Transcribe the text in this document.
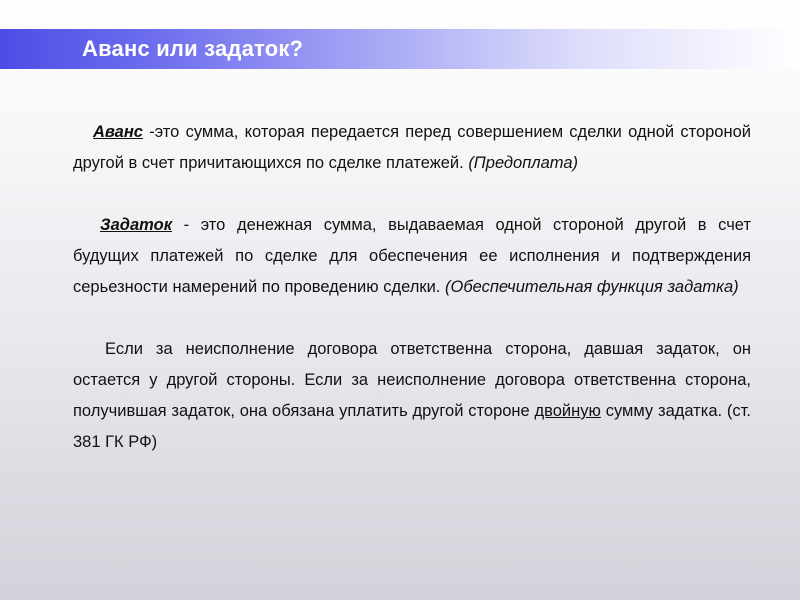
Аванс или задаток?

Аванс -это сумма, которая передается перед совершением сделки одной стороной другой в счет причитающихся по сделке платежей. (Предоплата)

Задаток - это денежная сумма, выдаваемая одной стороной другой в счет будущих платежей по сделке для обеспечения ее исполнения и подтверждения серьезности намерений по проведению сделки. (Обеспечительная функция задатка)

Если за неисполнение договора ответственна сторона, давшая задаток, он остается у другой стороны. Если за неисполнение договора ответственна сторона, получившая задаток, она обязана уплатить другой стороне двойную сумму задатка. (ст. 381 ГК РФ)
